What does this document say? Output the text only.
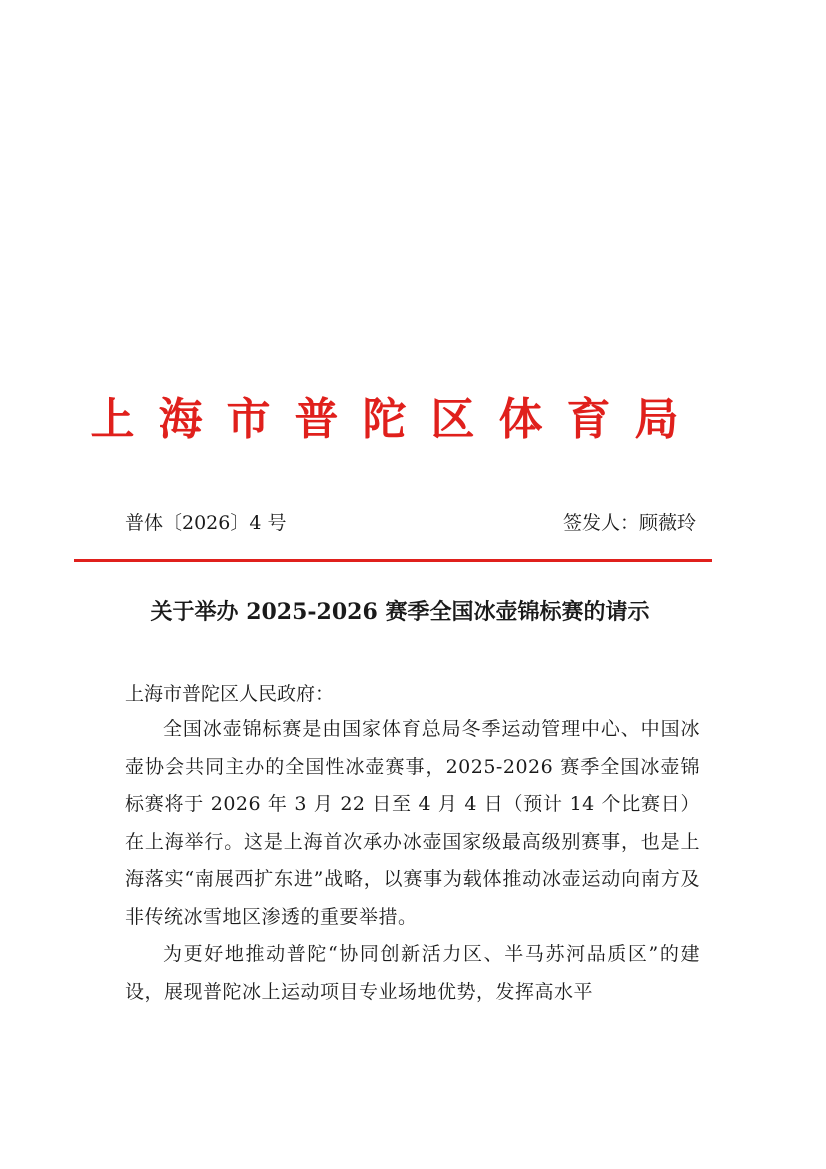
上海市普陀区体育局
普体〔2026〕4 号	签发人：顾薇玲
关于举办 2025-2026 赛季全国冰壶锦标赛的请示
上海市普陀区人民政府：

全国冰壶锦标赛是由国家体育总局冬季运动管理中心、中国冰壶协会共同主办的全国性冰壶赛事，2025-2026 赛季全国冰壶锦标赛将于 2026 年 3 月 22 日至 4 月 4 日（预计 14 个比赛日）在上海举行。这是上海首次承办冰壶国家级最高级别赛事，也是上海落实“南展西扩东进”战略，以赛事为载体推动冰壶运动向南方及非传统冰雪地区渗透的重要举措。

为更好地推动普陀“协同创新活力区、半马苏河品质区”的建设，展现普陀冰上运动项目专业场地优势，发挥高水平
